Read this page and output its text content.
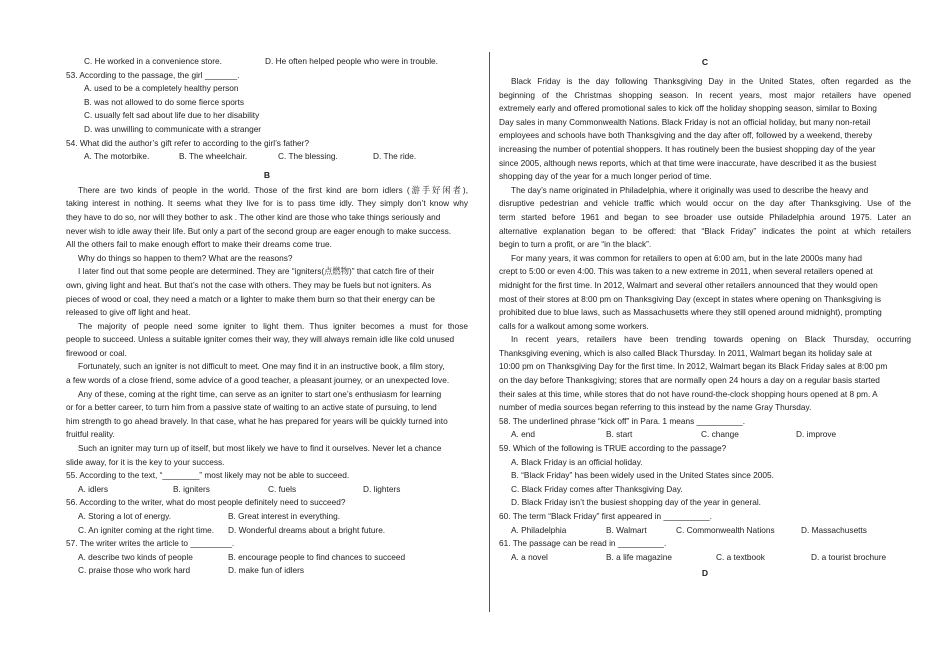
C. He worked in a convenience store.	D. He often helped people who were in trouble.
53. According to the passage, the girl _______.
A. used to be a completely healthy person
B. was not allowed to do some fierce sports
C. usually felt sad about life due to her disability
D. was unwilling to communicate with a stranger
54. What did the author’s gift refer to according to the girl’s father?
A. The motorbike.	B. The wheelchair.	C. The blessing.	D. The ride.
B
There are two kinds of people in the world. Those of the first kind are born idlers (游手好闲者),
taking interest in nothing. It seems what they live for is to pass time idly. They simply don’t know why
they have to do so, nor will they bother to ask . The other kind are those who take things seriously and
never wish to idle away their life. But only a part of the second group are eager enough to make success.
All the others fail to make enough effort to make their dreams come true.
Why do things so happen to them? What are the reasons?
I later find out that some people are determined. They are “igniters(点燃物)” that catch fire of their
own, giving light and heat. But that’s not the case with others. They may be fuels but not igniters. As
pieces of wood or coal, they need a match or a lighter to make them burn so that their energy can be
released to give off light and heat.
The majority of people need some igniter to light them. Thus igniter becomes a must for those
people to succeed. Unless a suitable igniter comes their way, they will always remain idle like cold unused
firewood or coal.
Fortunately, such an igniter is not difficult to meet. One may find it in an instructive book, a film story,
a few words of a close friend, some advice of a good teacher, a pleasant journey, or an unexpected love.
Any of these, coming at the right time, can serve as an igniter to start one’s enthusiasm for learning
or for a better career, to turn him from a passive state of waiting to an active state of pursuing, to lend
him strength to go ahead bravely. In that case, what he has prepared for years will be quickly turned into
fruitful reality.
Such an igniter may turn up of itself, but most likely we have to find it ourselves. Never let a chance
slide away, for it is the key to your success.
55. According to the text, “________” most likely may not be able to succeed.
A. idlers	B. igniters	C. fuels	D. lighters
56. According to the writer, what do most people definitely need to succeed?
A. Storing a lot of energy.	B. Great interest in everything.
C. An igniter coming at the right time. D. Wonderful dreams about a bright future.
57. The writer writes the article to _________.
A. describe two kinds of people	B. encourage people to find chances to succeed
C. praise those who work hard	D. make fun of idlers
C
Black Friday is the day following Thanksgiving Day in the United States, often regarded as the
beginning of the Christmas shopping season. In recent years, most major retailers have opened
extremely early and offered promotional sales to kick off the holiday shopping season, similar to Boxing
Day sales in many Commonwealth Nations. Black Friday is not an official holiday, but many non-retail
employees and schools have both Thanksgiving and the day after off, followed by a weekend, thereby
increasing the number of potential shoppers. It has routinely been the busiest shopping day of the year
since 2005, although news reports, which at that time were inaccurate, have described it as the busiest
shopping day of the year for a much longer period of time.
The day’s name originated in Philadelphia, where it originally was used to describe the heavy and
disruptive pedestrian and vehicle traffic which would occur on the day after Thanksgiving. Use of the
term started before 1961 and began to see broader use outside Philadelphia around 1975. Later an
alternative explanation began to be offered: that “Black Friday” indicates the point at which retailers
begin to turn a profit, or are “in the black”.
For many years, it was common for retailers to open at 6:00 am, but in the late 2000s many had
crept to 5:00 or even 4:00. This was taken to a new extreme in 2011, when several retailers opened at
midnight for the first time. In 2012, Walmart and several other retailers announced that they would open
most of their stores at 8:00 pm on Thanksgiving Day (except in states where opening on Thanksgiving is
prohibited due to blue laws, such as Massachusetts where they still opened around midnight), prompting
calls for a walkout among some workers.
In recent years, retailers have been trending towards opening on Black Thursday, occurring
Thanksgiving evening, which is also called Black Thursday. In 2011, Walmart began its holiday sale at
10:00 pm on Thanksgiving Day for the first time. In 2012, Walmart began its Black Friday sales at 8:00 pm
on the day before Thanksgiving; stores that are normally open 24 hours a day on a regular basis started
their sales at this time, while stores that do not have round-the-clock shopping hours opened at 8 pm. A
number of media sources began referring to this instead by the name Gray Thursday.
58. The underlined phrase “kick off” in Para. 1 means __________.
A. end	B. start	C. change	D. improve
59. Which of the following is TRUE according to the passage?
A. Black Friday is an official holiday.
B. “Black Friday” has been widely used in the United States since 2005.
C. Black Friday comes after Thanksgiving Day.
D. Black Friday isn’t the busiest shopping day of the year in general.
60. The term “Black Friday” first appeared in __________.
A. Philadelphia	B. Walmart	C. Commonwealth Nations	D. Massachusetts
61. The passage can be read in __________.
A. a novel	B. a life magazine	C. a textbook	D. a tourist brochure
D
